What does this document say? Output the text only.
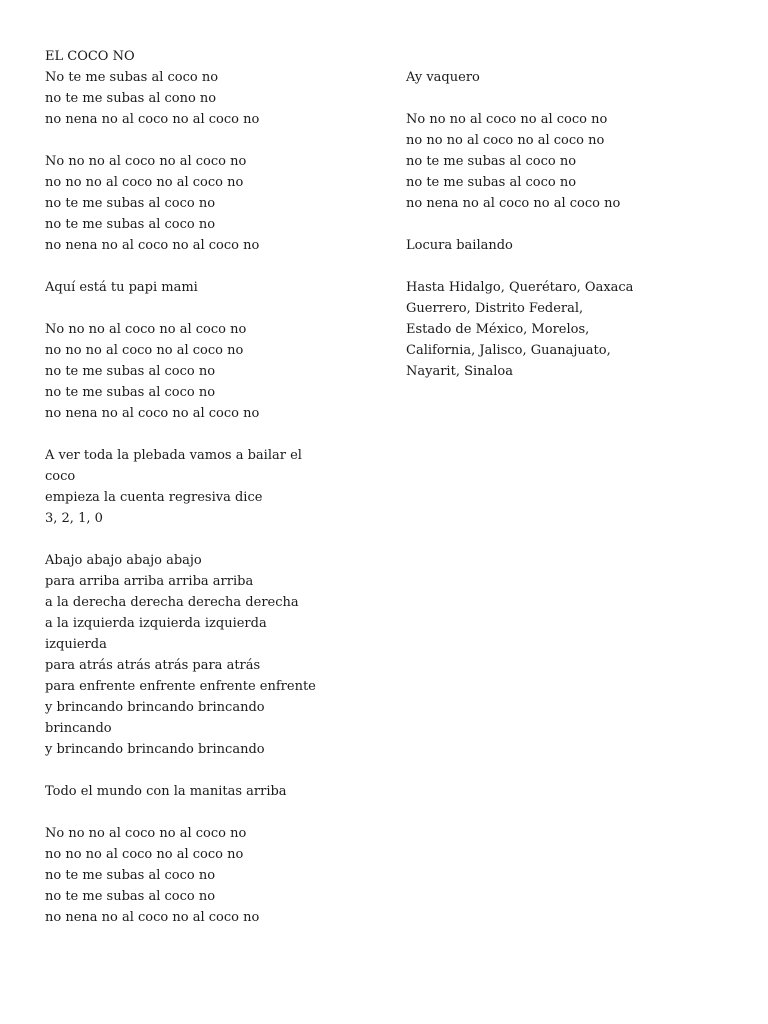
EL COCO NO
No te me subas al coco no
no te me subas al cono no
no nena no al coco no al coco no
No no no al coco no al coco no
no no no al coco no al coco no
no te me subas al coco no
no te me subas al coco no
no nena no al coco no al coco no
Aquí está tu papi mami
No no no al coco no al coco no
no no no al coco no al coco no
no te me subas al coco no
no te me subas al coco no
no nena no al coco no al coco no
A ver toda la plebada vamos a bailar el
coco
empieza la cuenta regresiva dice
3, 2, 1, 0
Abajo abajo abajo abajo
para arriba arriba arriba arriba
a la derecha derecha derecha derecha
a la izquierda izquierda izquierda
izquierda
para atrás atrás atrás para atrás
para enfrente enfrente enfrente enfrente
y brincando brincando brincando
brincando
y brincando brincando brincando
Todo el mundo con la manitas arriba
No no no al coco no al coco no
no no no al coco no al coco no
no te me subas al coco no
no te me subas al coco no
no nena no al coco no al coco no
Ay vaquero
No no no al coco no al coco no
no no no al coco no al coco no
no te me subas al coco no
no te me subas al coco no
no nena no al coco no al coco no
Locura bailando
Hasta Hidalgo, Querétaro, Oaxaca
Guerrero, Distrito Federal,
Estado de México, Morelos,
California, Jalisco, Guanajuato,
Nayarit, Sinaloa
